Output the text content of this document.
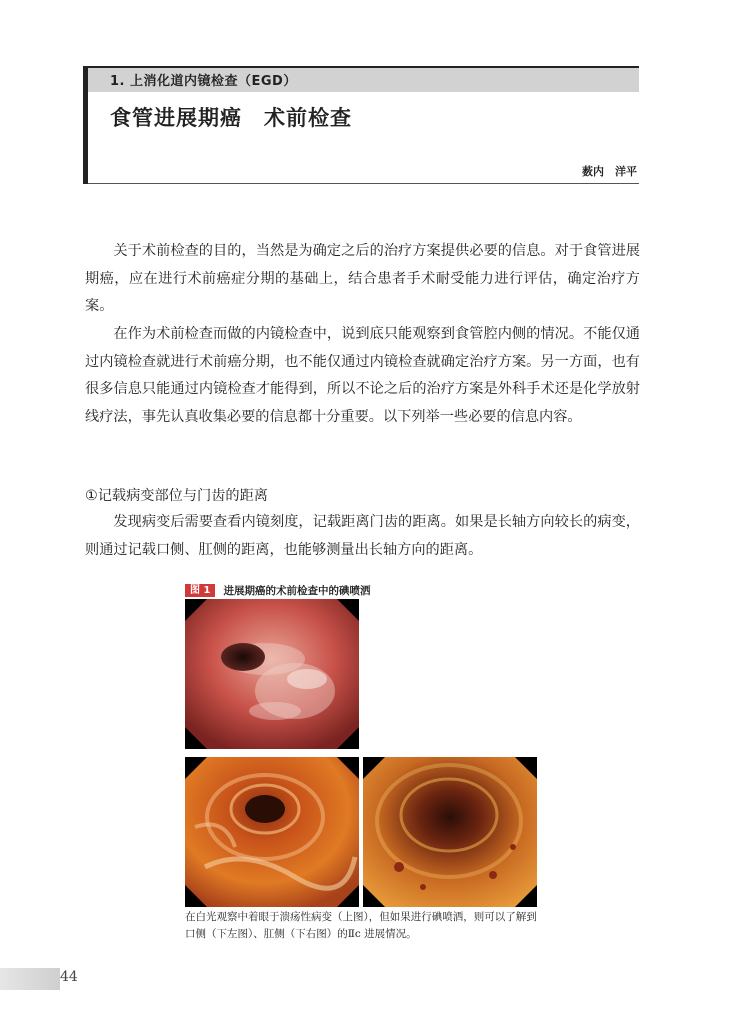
1. 上消化道内镜检查（EGD）
食管进展期癌　术前检查
薮内　洋平

关于术前检查的目的，当然是为确定之后的治疗方案提供必要的信息。对于食管进展期癌，应在进行术前癌症分期的基础上，结合患者手术耐受能力进行评估，确定治疗方案。

在作为术前检查而做的内镜检查中，说到底只能观察到食管腔内侧的情况。不能仅通过内镜检查就进行术前癌分期，也不能仅通过内镜检查就确定治疗方案。另一方面，也有很多信息只能通过内镜检查才能得到，所以不论之后的治疗方案是外科手术还是化学放射线疗法，事先认真收集必要的信息都十分重要。以下列举一些必要的信息内容。

①记载病变部位与门齿的距离

发现病变后需要查看内镜刻度，记载距离门齿的距离。如果是长轴方向较长的病变，则通过记载口侧、肛侧的距离，也能够测量出长轴方向的距离。

图 1	进展期癌的术前检查中的碘喷洒
在白光观察中着眼于溃疡性病变（上图），但如果进行碘喷洒，则可以了解到口侧（下左图）、肛侧（下右图）的Ⅱc 进展情况。
44
